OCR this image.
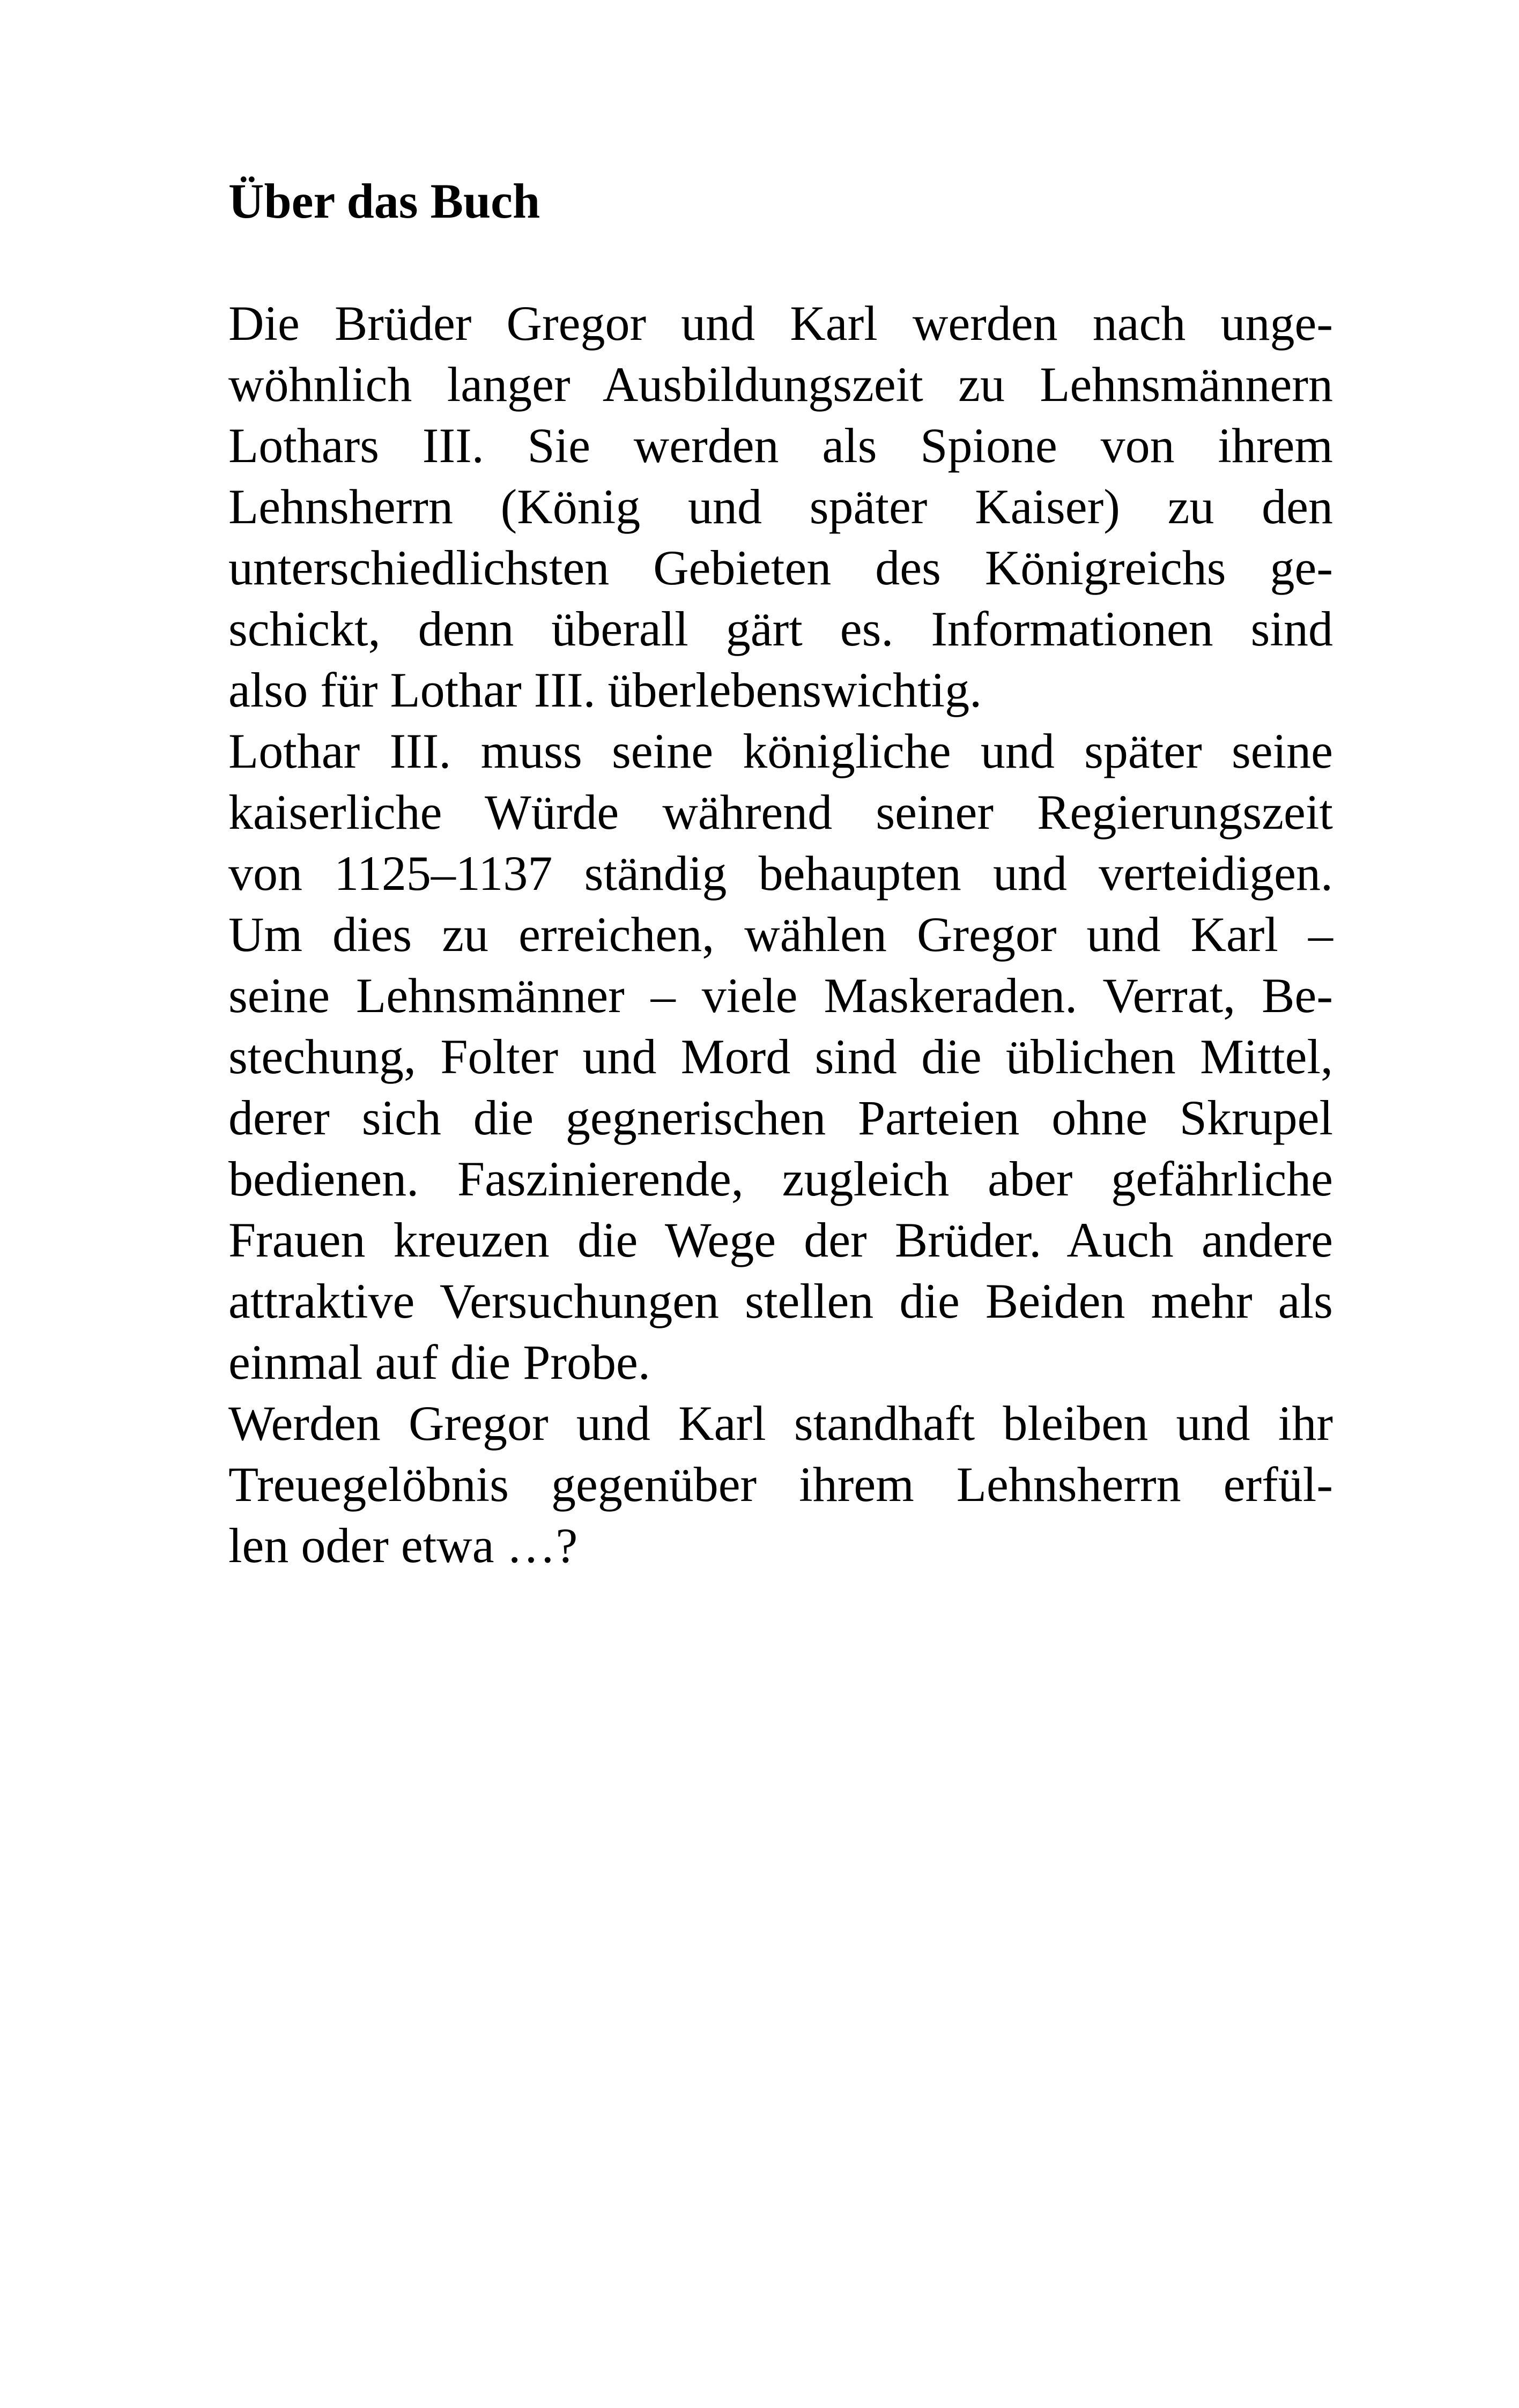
Über das Buch
Die Brüder Gregor und Karl werden nach unge-
wöhnlich langer Ausbildungszeit zu Lehnsmännern
Lothars III. Sie werden als Spione von ihrem
Lehnsherrn (König und später Kaiser) zu den
unterschiedlichsten Gebieten des Königreichs ge-
schickt, denn überall gärt es. Informationen sind
also für Lothar III. überlebenswichtig.
Lothar III. muss seine königliche und später seine
kaiserliche Würde während seiner Regierungszeit
von 1125–1137 ständig behaupten und verteidigen.
Um dies zu erreichen, wählen Gregor und Karl –
seine Lehnsmänner – viele Maskeraden. Verrat, Be-
stechung, Folter und Mord sind die üblichen Mittel,
derer sich die gegnerischen Parteien ohne Skrupel
bedienen. Faszinierende, zugleich aber gefährliche
Frauen kreuzen die Wege der Brüder. Auch andere
attraktive Versuchungen stellen die Beiden mehr als
einmal auf die Probe.
Werden Gregor und Karl standhaft bleiben und ihr
Treuegelöbnis gegenüber ihrem Lehnsherrn erfül-
len oder etwa …?
